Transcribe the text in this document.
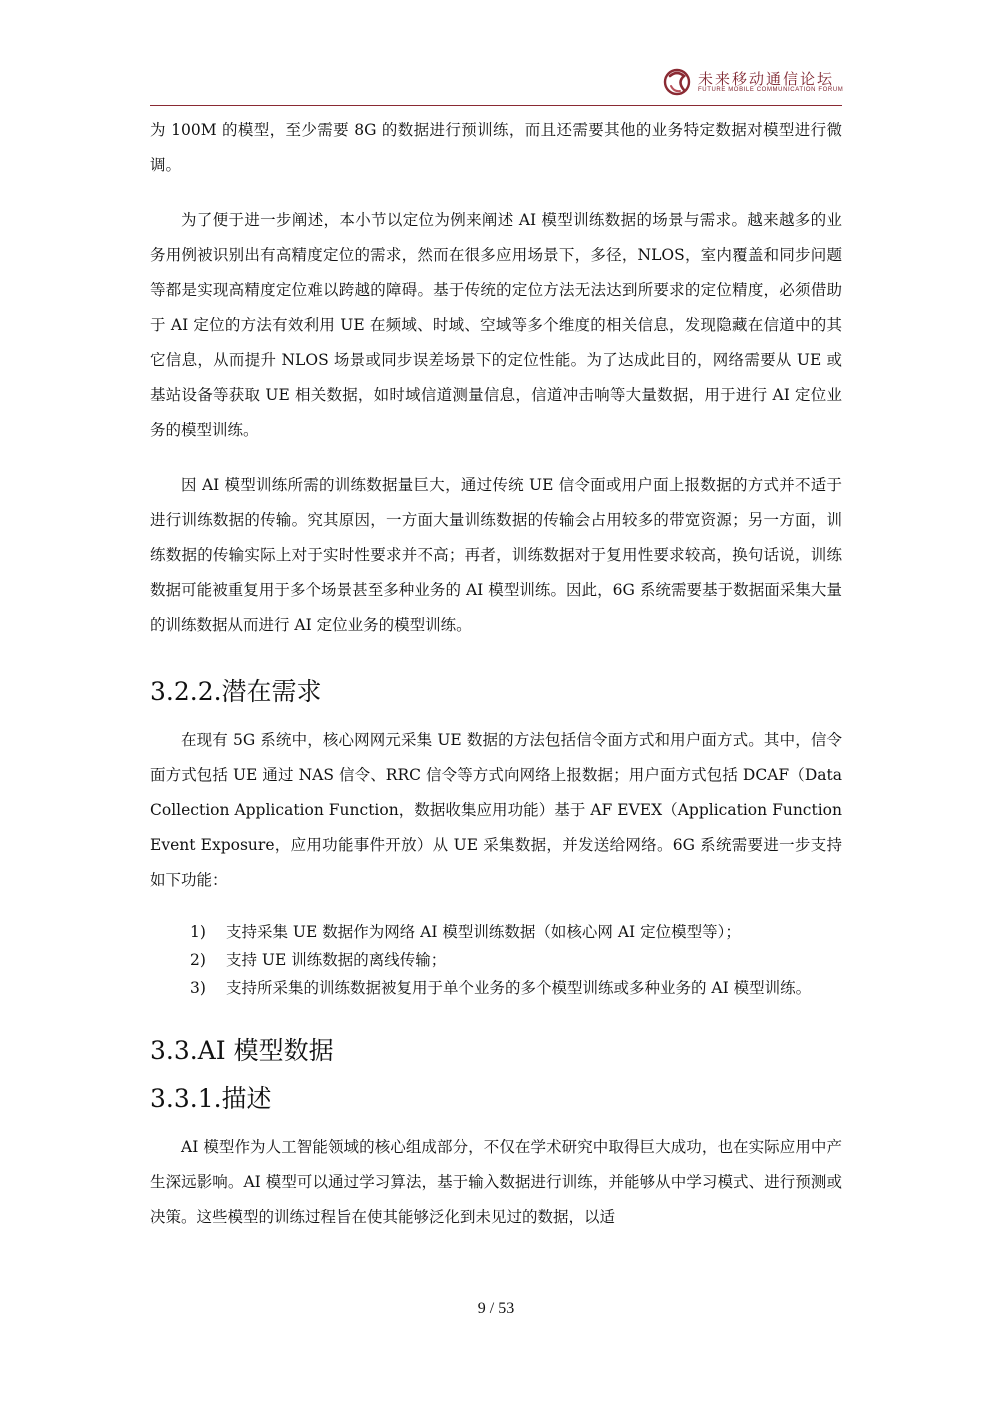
未来移动通信论坛
FUTURE MOBILE COMMUNICATION FORUM

为 100M 的模型，至少需要 8G 的数据进行预训练，而且还需要其他的业务特定数据对模型进行微调。

为了便于进一步阐述，本小节以定位为例来阐述 AI 模型训练数据的场景与需求。越来越多的业务用例被识别出有高精度定位的需求，然而在很多应用场景下，多径，NLOS，室内覆盖和同步问题等都是实现高精度定位难以跨越的障碍。基于传统的定位方法无法达到所要求的定位精度，必须借助于 AI 定位的方法有效利用 UE 在频域、时域、空域等多个维度的相关信息，发现隐藏在信道中的其它信息，从而提升 NLOS 场景或同步误差场景下的定位性能。为了达成此目的，网络需要从 UE 或基站设备等获取 UE 相关数据，如时域信道测量信息，信道冲击响等大量数据，用于进行 AI 定位业务的模型训练。

因 AI 模型训练所需的训练数据量巨大，通过传统 UE 信令面或用户面上报数据的方式并不适于进行训练数据的传输。究其原因，一方面大量训练数据的传输会占用较多的带宽资源；另一方面，训练数据的传输实际上对于实时性要求并不高；再者，训练数据对于复用性要求较高，换句话说，训练数据可能被重复用于多个场景甚至多种业务的 AI 模型训练。因此，6G 系统需要基于数据面采集大量的训练数据从而进行 AI 定位业务的模型训练。

3.2.2.潜在需求

在现有 5G 系统中，核心网网元采集 UE 数据的方法包括信令面方式和用户面方式。其中，信令面方式包括 UE 通过 NAS 信令、RRC 信令等方式向网络上报数据；用户面方式包括 DCAF（Data Collection Application Function，数据收集应用功能）基于 AF EVEX（Application Function Event Exposure，应用功能事件开放）从 UE 采集数据，并发送给网络。6G 系统需要进一步支持如下功能：

1) 支持采集 UE 数据作为网络 AI 模型训练数据（如核心网 AI 定位模型等）；
2) 支持 UE 训练数据的离线传输；
3) 支持所采集的训练数据被复用于单个业务的多个模型训练或多种业务的 AI 模型训练。
3.3.AI 模型数据
3.3.1.描述

AI 模型作为人工智能领域的核心组成部分，不仅在学术研究中取得巨大成功，也在实际应用中产生深远影响。AI 模型可以通过学习算法，基于输入数据进行训练，并能够从中学习模式、进行预测或决策。这些模型的训练过程旨在使其能够泛化到未见过的数据，以适

9 / 53
